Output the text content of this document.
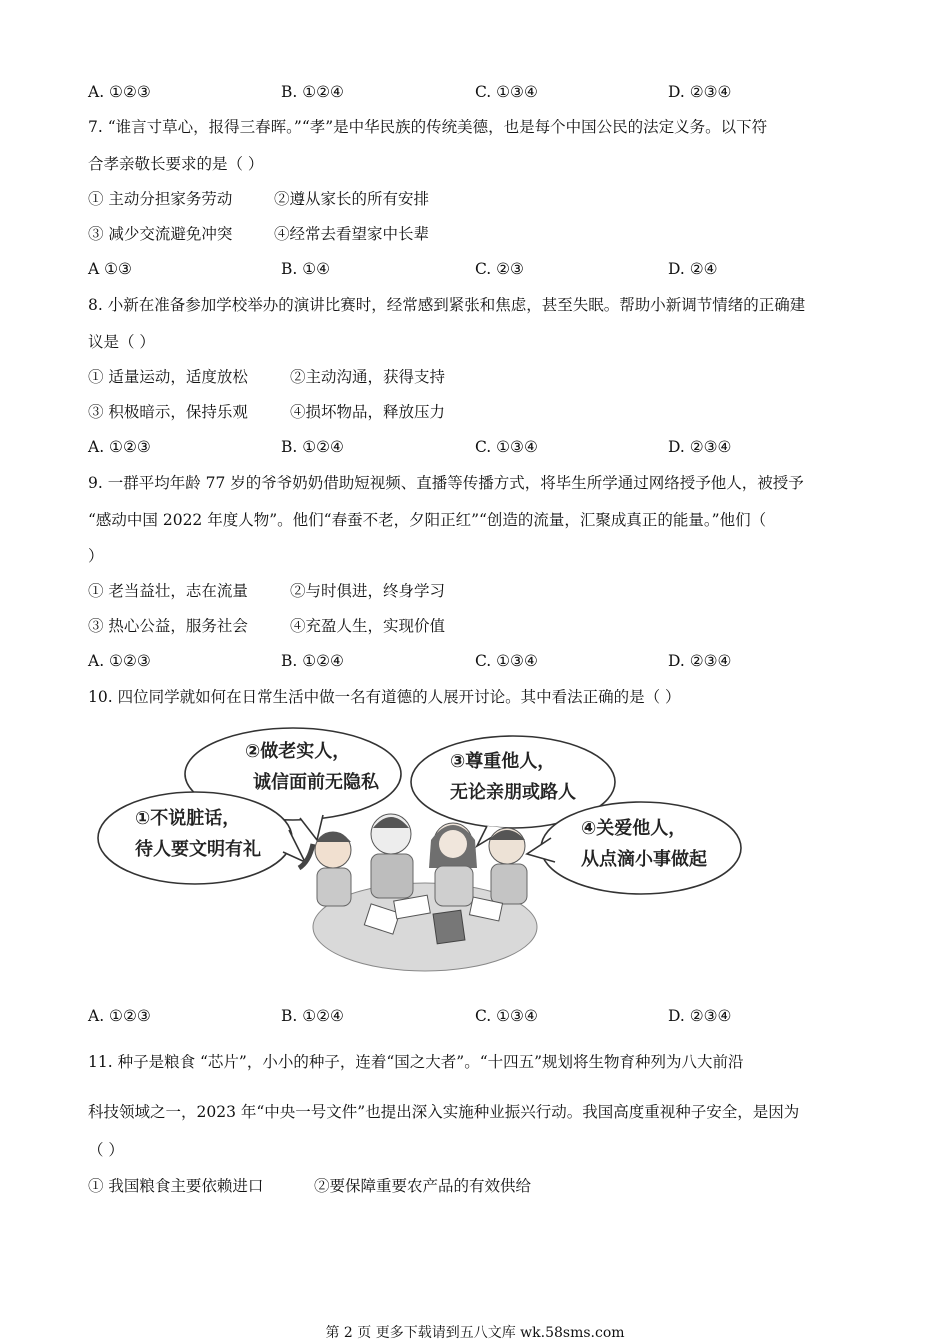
A. ①②③	B. ①②④	C. ①③④	D. ②③④
7. “谁言寸草心，报得三春晖。”“孝”是中华民族的传统美德，也是每个中国公民的法定义务。以下符
合孝亲敬长要求的是（ ）
① 主动分担家务劳动	②遵从家长的所有安排
③ 减少交流避免冲突	④经常去看望家中长辈
A ①③	B. ①④	C. ②③	D. ②④
8. 小新在准备参加学校举办的演讲比赛时，经常感到紧张和焦虑，甚至失眠。帮助小新调节情绪的正确建
议是（ ）
① 适量运动，适度放松	②主动沟通，获得支持
③ 积极暗示，保持乐观	④损坏物品，释放压力
A. ①②③	B. ①②④	C. ①③④	D. ②③④
9. 一群平均年龄 77 岁的爷爷奶奶借助短视频、直播等传播方式，将毕生所学通过网络授予他人，被授予
“感动中国 2022 年度人物”。他们“春蚕不老，夕阳正红”“创造的流量，汇聚成真正的能量。”他们（
）
① 老当益壮，志在流量	②与时俱进，终身学习
③ 热心公益，服务社会	④充盈人生，实现价值
A. ①②③	B. ①②④	C. ①③④	D. ②③④
10. 四位同学就如何在日常生活中做一名有道德的人展开讨论。其中看法正确的是（ ）
②做老实人，
诚信面前无隐私
③尊重他人，
无论亲朋或路人
①不说脏话，
待人要文明有礼
④关爱他人，
从点滴小事做起
A. ①②③	B. ①②④	C. ①③④	D. ②③④
11. 种子是粮食 “芯片”，小小的种子，连着“国之大者”。“十四五”规划将生物育种列为八大前沿
科技领域之一，2023 年“中央一号文件”也提出深入实施种业振兴行动。我国高度重视种子安全，是因为
（ ）
① 我国粮食主要依赖进口	②要保障重要农产品的有效供给
第 2 页 更多下载请到五八文库 wk.58sms.com
